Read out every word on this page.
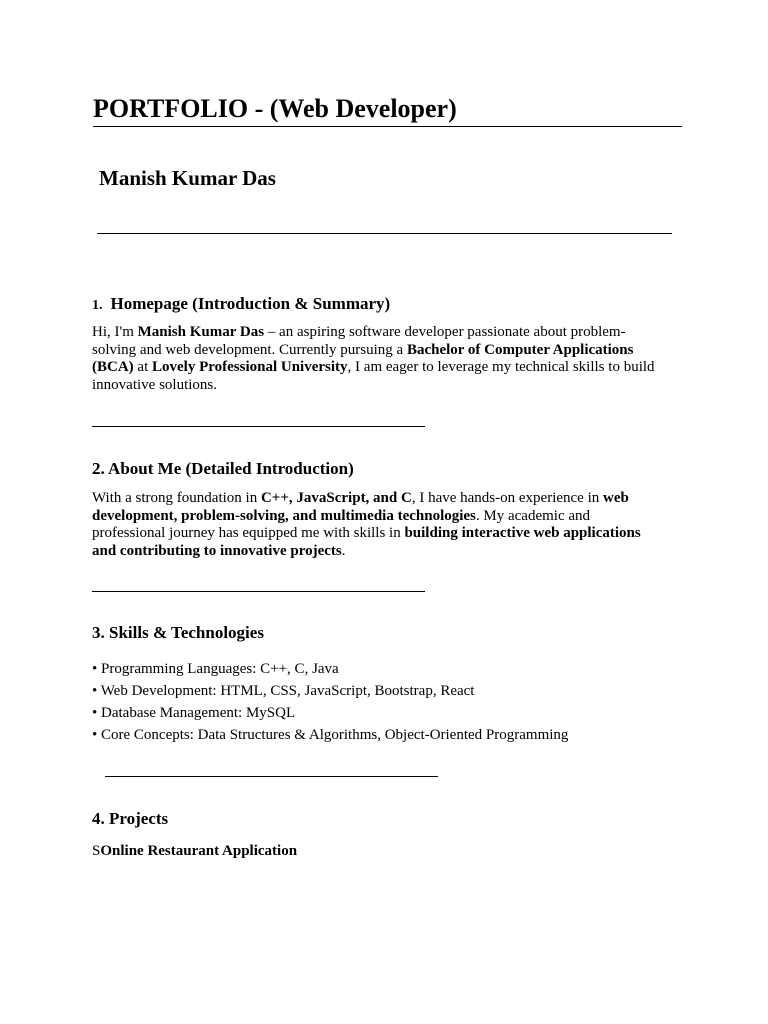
PORTFOLIO - (Web Developer)
Manish Kumar Das
1. Homepage (Introduction & Summary)

Hi, I'm Manish Kumar Das – an aspiring software developer passionate about problem-solving and web development. Currently pursuing a Bachelor of Computer Applications (BCA) at Lovely Professional University, I am eager to leverage my technical skills to build innovative solutions.

2. About Me (Detailed Introduction)

With a strong foundation in C++, JavaScript, and C, I have hands-on experience in web development, problem-solving, and multimedia technologies. My academic and professional journey has equipped me with skills in building interactive web applications and contributing to innovative projects.

3. Skills & Technologies
• Programming Languages: C++, C, Java
• Web Development: HTML, CSS, JavaScript, Bootstrap, React
• Database Management: MySQL
• Core Concepts: Data Structures & Algorithms, Object-Oriented Programming
4. Projects

SOnline Restaurant Application
